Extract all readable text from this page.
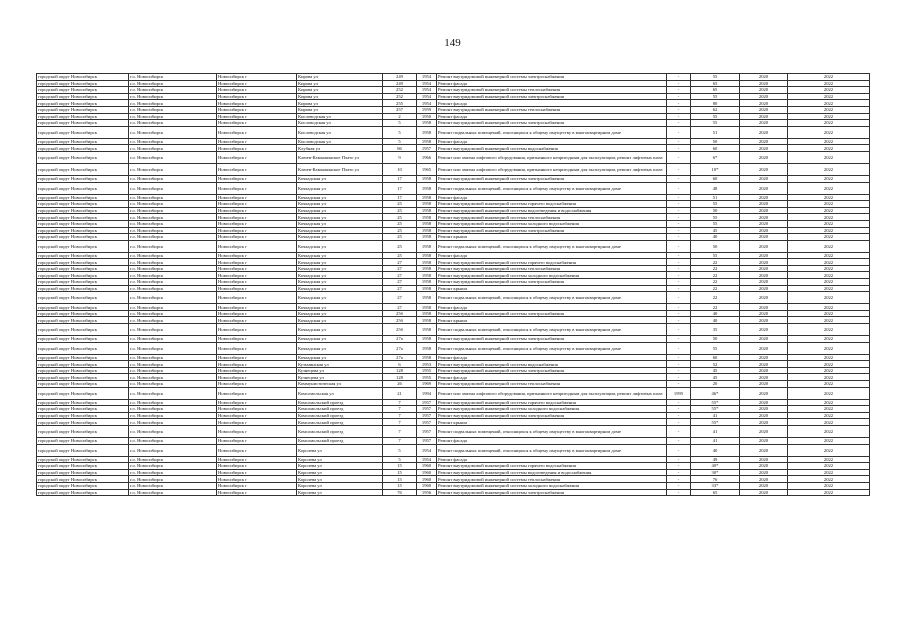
149
городской округ Новосибирск	г.о. Новосибирск	Новосибирск г	Кирова ул	249	1954	Ремонт внутридомовой инженерной системы электроснабжения	-	55	2020	2022
городской округ Новосибирск	г.о. Новосибирск	Новосибирск г	Кирова ул	249	1954	Ремонт фасада	-	65	2020	2022
городской округ Новосибирск	г.о. Новосибирск	Новосибирск г	Кирова ул	252	1954	Ремонт внутридомовой инженерной системы теплоснабжения	-	65	2020	2022
городской округ Новосибирск	г.о. Новосибирск	Новосибирск г	Кирова ул	252	1954	Ремонт внутридомовой инженерной системы электроснабжения	-	55	2020	2022
городской округ Новосибирск	г.о. Новосибирск	Новосибирск г	Кирова ул	255	1954	Ремонт фасада	-	80	2020	2022
городской округ Новосибирск	г.о. Новосибирск	Новосибирск г	Кирова ул	257	1959	Ремонт внутридомовой инженерной системы теплоснабжения	-	62	2020	2022
городской округ Новосибирск	г.о. Новосибирск	Новосибирск г	Кисловодская ул	2	1950	Ремонт фасада	-	55	2020	2022
городской округ Новосибирск	г.о. Новосибирск	Новосибирск г	Кисловодская ул	5	1958	Ремонт внутридомовой инженерной системы электроснабжения	-	55	2020	2022
городской округ Новосибирск	г.о. Новосибирск	Новосибирск г	Кисловодская ул	5	1958	Ремонт подвальных помещений, относящихся к общему имуществу в многоквартирном доме	-	51	2020	2022
городской округ Новосибирск	г.о. Новосибирск	Новосибирск г	Кисловодская ул	5	1958	Ремонт фасада	-	50	2020	2022
городской округ Новосибирск	г.о. Новосибирск	Новосибирск г	Клубная ул	86	1957	Ремонт внутридомовой инженерной системы водоснабжения	-	60	2020	2022
городской округ Новосибирск	г.о. Новосибирск	Новосибирск г	Клюев-Камышинское Плато ул	9	1966	Ремонт или замена лифтового оборудования, признанного непригодным для эксплуатации, ремонт лифтовых шахт	-	6*	2020	2022
городской округ Новосибирск	г.о. Новосибирск	Новосибирск г	Клюев-Камышинское Плато ул	10	1965	Ремонт или замена лифтового оборудования, признанного непригодным для эксплуатации, ремонт лифтовых шахт	-	10*	2020	2022
городской округ Новосибирск	г.о. Новосибирск	Новосибирск г	Кочкадская ул	17	1958	Ремонт внутридомовой инженерной системы электроснабжения	-	60	2020	2022
городской округ Новосибирск	г.о. Новосибирск	Новосибирск г	Кочкадская ул	17	1958	Ремонт подвальных помещений, относящихся к общему имуществу в многоквартирном доме	-	48	2020	2022
городской округ Новосибирск	г.о. Новосибирск	Новосибирск г	Кочкадская ул	17	1958	Ремонт фасада	-	51	2020	2022
городской округ Новосибирск	г.о. Новосибирск	Новосибирск г	Кочкадская ул	25	1958	Ремонт внутридомовой инженерной системы горячего водоснабжения	-	55	2020	2022
городской округ Новосибирск	г.о. Новосибирск	Новосибирск г	Кочкадская ул	25	1958	Ремонт внутридомовой инженерной системы водоотведения и водоснабжения	-	50	2020	2022
городской округ Новосибирск	г.о. Новосибирск	Новосибирск г	Кочкадская ул	25	1958	Ремонт внутридомовой инженерной системы теплоснабжения	-	55	2020	2022
городской округ Новосибирск	г.о. Новосибирск	Новосибирск г	Кочкадская ул	25	1958	Ремонт внутридомовой инженерной системы холодного водоснабжения	-	55	2020	2022
городской округ Новосибирск	г.о. Новосибирск	Новосибирск г	Кочкадская ул	25	1958	Ремонт внутридомовой инженерной системы электроснабжения	-	45	2020	2022
городской округ Новосибирск	г.о. Новосибирск	Новосибирск г	Кочкадская ул	25	1958	Ремонт крыши	-	40	2020	2022
городской округ Новосибирск	г.о. Новосибирск	Новосибирск г	Кочкадская ул	25	1958	Ремонт подвальных помещений, относящихся к общему имуществу в многоквартирном доме	-	50	2020	2022
городской округ Новосибирск	г.о. Новосибирск	Новосибирск г	Кочкадская ул	25	1958	Ремонт фасада	-	55	2020	2022
городской округ Новосибирск	г.о. Новосибирск	Новосибирск г	Кочкадская ул	27	1958	Ремонт внутридомовой инженерной системы горячего водоснабжения	-	22	2020	2022
городской округ Новосибирск	г.о. Новосибирск	Новосибирск г	Кочкадская ул	27	1958	Ремонт внутридомовой инженерной системы теплоснабжения	-	22	2020	2022
городской округ Новосибирск	г.о. Новосибирск	Новосибирск г	Кочкадская ул	27	1958	Ремонт внутридомовой инженерной системы холодного водоснабжения	-	22	2020	2022
городской округ Новосибирск	г.о. Новосибирск	Новосибирск г	Кочкадская ул	27	1958	Ремонт внутридомовой инженерной системы электроснабжения	-	22	2020	2022
городской округ Новосибирск	г.о. Новосибирск	Новосибирск г	Кочкадская ул	27	1958	Ремонт крыши	-	22	2020	2022
городской округ Новосибирск	г.о. Новосибирск	Новосибирск г	Кочкадская ул	27	1958	Ремонт подвальных помещений, относящихся к общему имуществу в многоквартирном доме	-	22	2020	2022
городской округ Новосибирск	г.о. Новосибирск	Новосибирск г	Кочкадская ул	27	1958	Ремонт фасада	-	22	2020	2022
городской округ Новосибирск	г.о. Новосибирск	Новосибирск г	Кочкадская ул	25б	1958	Ремонт внутридомовой инженерной системы электроснабжения	-	40	2020	2022
городской округ Новосибирск	г.о. Новосибирск	Новосибирск г	Кочкадская ул	25б	1958	Ремонт крыши	-	40	2020	2022
городской округ Новосибирск	г.о. Новосибирск	Новосибирск г	Кочкадская ул	25б	1958	Ремонт подвальных помещений, относящихся к общему имуществу в многоквартирном доме	-	35	2020	2022
городской округ Новосибирск	г.о. Новосибирск	Новосибирск г	Кочкадская ул	27а	1958	Ремонт внутридомовой инженерной системы электроснабжения	-	50	2020	2022
городской округ Новосибирск	г.о. Новосибирск	Новосибирск г	Кочкадская ул	27а	1958	Ремонт подвальных помещений, относящихся к общему имуществу в многоквартирном доме	-	55	2020	2022
городской округ Новосибирск	г.о. Новосибирск	Новосибирск г	Кочкадская ул	27а	1958	Ремонт фасада	-	60	2020	2022
городской округ Новосибирск	г.о. Новосибирск	Новосибирск г	Кузьминская ул	6	1953	Ремонт внутридомовой инженерной системы водоснабжения	-	52	2020	2022
городской округ Новосибирск	г.о. Новосибирск	Новосибирск г	Кузнецова ул	128	1955	Ремонт внутридомовой инженерной системы электроснабжения	-	45	2020	2022
городской округ Новосибирск	г.о. Новосибирск	Новосибирск г	Кузнецова ул	128	1955	Ремонт фасада	-	45	2020	2022
городской округ Новосибирск	г.о. Новосибирск	Новосибирск г	Коммунистическая ул	26	1969	Ремонт внутридомовой инженерной системы теплоснабжения	-	20	2020	2022
городской округ Новосибирск	г.о. Новосибирск	Новосибирск г	Комсомольская ул	21	1994	Ремонт или замена лифтового оборудования, признанного непригодным для эксплуатации, ремонт лифтовых шахт	1995	46*	2020	2022
городской округ Новосибирск	г.о. Новосибирск	Новосибирск г	Комсомольский проезд	7	1957	Ремонт внутридомовой инженерной системы горячего водоснабжения	-	55*	2020	2022
городской округ Новосибирск	г.о. Новосибирск	Новосибирск г	Комсомольский проезд	7	1957	Ремонт внутридомовой инженерной системы холодного водоснабжения	-	55*	2020	2022
городской округ Новосибирск	г.о. Новосибирск	Новосибирск г	Комсомольский проезд	7	1957	Ремонт внутридомовой инженерной системы электроснабжения	-	41	2020	2022
городской округ Новосибирск	г.о. Новосибирск	Новосибирск г	Комсомольский проезд	7	1957	Ремонт крыши	-	55*	2020	2022
городской округ Новосибирск	г.о. Новосибирск	Новосибирск г	Комсомольский проезд	7	1957	Ремонт подвальных помещений, относящихся к общему имуществу в многоквартирном доме	-	41	2020	2022
городской округ Новосибирск	г.о. Новосибирск	Новосибирск г	Комсомольский проезд	7	1957	Ремонт фасада	-	41	2020	2022
городской округ Новосибирск	г.о. Новосибирск	Новосибирск г	Королева ул	5	1954	Ремонт подвальных помещений, относящихся к общему имуществу в многоквартирном доме	-	40	2020	2022
городской округ Новосибирск	г.о. Новосибирск	Новосибирск г	Королева ул	5	1954	Ремонт фасада	-	49	2020	2022
городской округ Новосибирск	г.о. Новосибирск	Новосибирск г	Королева ул	15	1960	Ремонт внутридомовой инженерной системы горячего водоснабжения	-	40*	2020	2022
городской округ Новосибирск	г.о. Новосибирск	Новосибирск г	Королева ул	15	1960	Ремонт внутридомовой инженерной системы водоотведения и водоснабжения	-	30*	2020	2022
городской округ Новосибирск	г.о. Новосибирск	Новосибирск г	Королева ул	15	1960	Ремонт внутридомовой инженерной системы теплоснабжения	-	76	2020	2022
городской округ Новосибирск	г.о. Новосибирск	Новосибирск г	Королева ул	15	1960	Ремонт внутридомовой инженерной системы холодного водоснабжения	-	33*	2020	2022
городской округ Новосибирск	г.о. Новосибирск	Новосибирск г	Королева ул	76	1956	Ремонт внутридомовой инженерной системы электроснабжения	-	65	2020	2022
